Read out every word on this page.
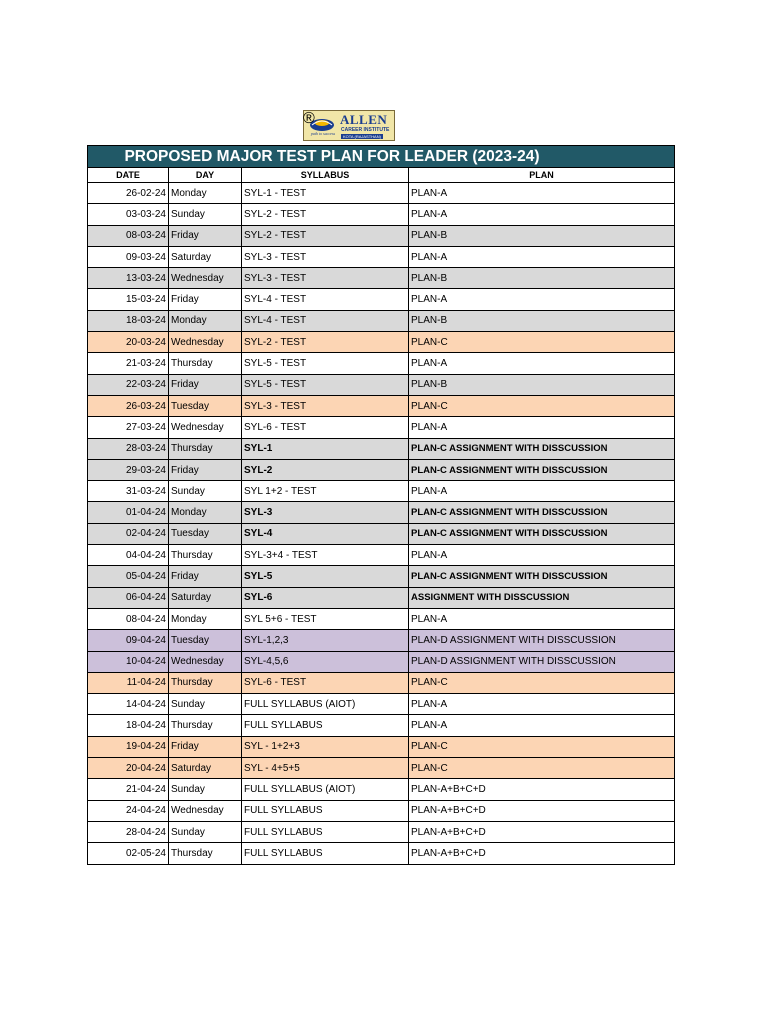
path to success
ALLEN
CAREER INSTITUTE
KOTA (RAJASTHAN)
®
PROPOSED MAJOR TEST PLAN FOR LEADER (2023-24)			
DATE	DAY	SYLLABUS	PLAN
26-02-24	Monday	SYL-1 - TEST	PLAN-A
03-03-24	Sunday	SYL-2 - TEST	PLAN-A
08-03-24	Friday	SYL-2 - TEST	PLAN-B
09-03-24	Saturday	SYL-3 - TEST	PLAN-A
13-03-24	Wednesday	SYL-3 - TEST	PLAN-B
15-03-24	Friday	SYL-4 - TEST	PLAN-A
18-03-24	Monday	SYL-4 - TEST	PLAN-B
20-03-24	Wednesday	SYL-2 - TEST	PLAN-C
21-03-24	Thursday	SYL-5 - TEST	PLAN-A
22-03-24	Friday	SYL-5 - TEST	PLAN-B
26-03-24	Tuesday	SYL-3 - TEST	PLAN-C
27-03-24	Wednesday	SYL-6 - TEST	PLAN-A
28-03-24	Thursday	SYL-1	PLAN-C ASSIGNMENT WITH DISSCUSSION
29-03-24	Friday	SYL-2	PLAN-C ASSIGNMENT WITH DISSCUSSION
31-03-24	Sunday	SYL 1+2 - TEST	PLAN-A
01-04-24	Monday	SYL-3	PLAN-C ASSIGNMENT WITH DISSCUSSION
02-04-24	Tuesday	SYL-4	PLAN-C ASSIGNMENT WITH DISSCUSSION
04-04-24	Thursday	SYL-3+4 - TEST	PLAN-A
05-04-24	Friday	SYL-5	PLAN-C ASSIGNMENT WITH DISSCUSSION
06-04-24	Saturday	SYL-6	ASSIGNMENT WITH DISSCUSSION
08-04-24	Monday	SYL 5+6 - TEST	PLAN-A
09-04-24	Tuesday	SYL-1,2,3	PLAN-D ASSIGNMENT WITH DISSCUSSION
10-04-24	Wednesday	SYL-4,5,6	PLAN-D ASSIGNMENT WITH DISSCUSSION
11-04-24	Thursday	SYL-6 - TEST	PLAN-C
14-04-24	Sunday	FULL SYLLABUS (AIOT)	PLAN-A
18-04-24	Thursday	FULL SYLLABUS	PLAN-A
19-04-24	Friday	SYL - 1+2+3	PLAN-C
20-04-24	Saturday	SYL - 4+5+5	PLAN-C
21-04-24	Sunday	FULL SYLLABUS (AIOT)	PLAN-A+B+C+D
24-04-24	Wednesday	FULL SYLLABUS	PLAN-A+B+C+D
28-04-24	Sunday	FULL SYLLABUS	PLAN-A+B+C+D
02-05-24	Thursday	FULL SYLLABUS	PLAN-A+B+C+D
